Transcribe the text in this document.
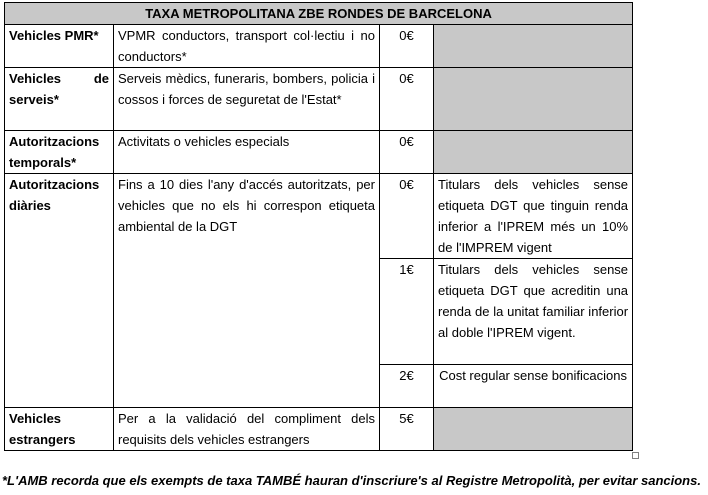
TAXA METROPOLITANA ZBE RONDES DE BARCELONA			
Vehicles PMR*	VPMR conductors, transport col·lectiu i no conductors*	0€	
Vehicles de serveis*	Serveis mèdics, funeraris, bombers, policia i cossos i forces de seguretat de l'Estat*	0€	
Autoritzacions temporals*	Activitats o vehicles especials	0€	
Autoritzacions diàries	Fins a 10 dies l'any d'accés autoritzats, per vehicles que no els hi correspon etiqueta ambiental de la DGT	0€	Titulars dels vehicles sense etiqueta DGT que tinguin renda inferior a l'IPREM més un 10% de l'IMPREM vigent
		1€	Titulars dels vehicles sense etiqueta DGT que acreditin una renda de la unitat familiar inferior al doble l'IPREM vigent.
		2€	Cost regular sense bonificacions
Vehicles estrangers	Per a la validació del compliment dels requisits dels vehicles estrangers	5€	
*L'AMB recorda que els exempts de taxa TAMBÉ hauran d'inscriure's al Registre Metropolità, per evitar sancions.
